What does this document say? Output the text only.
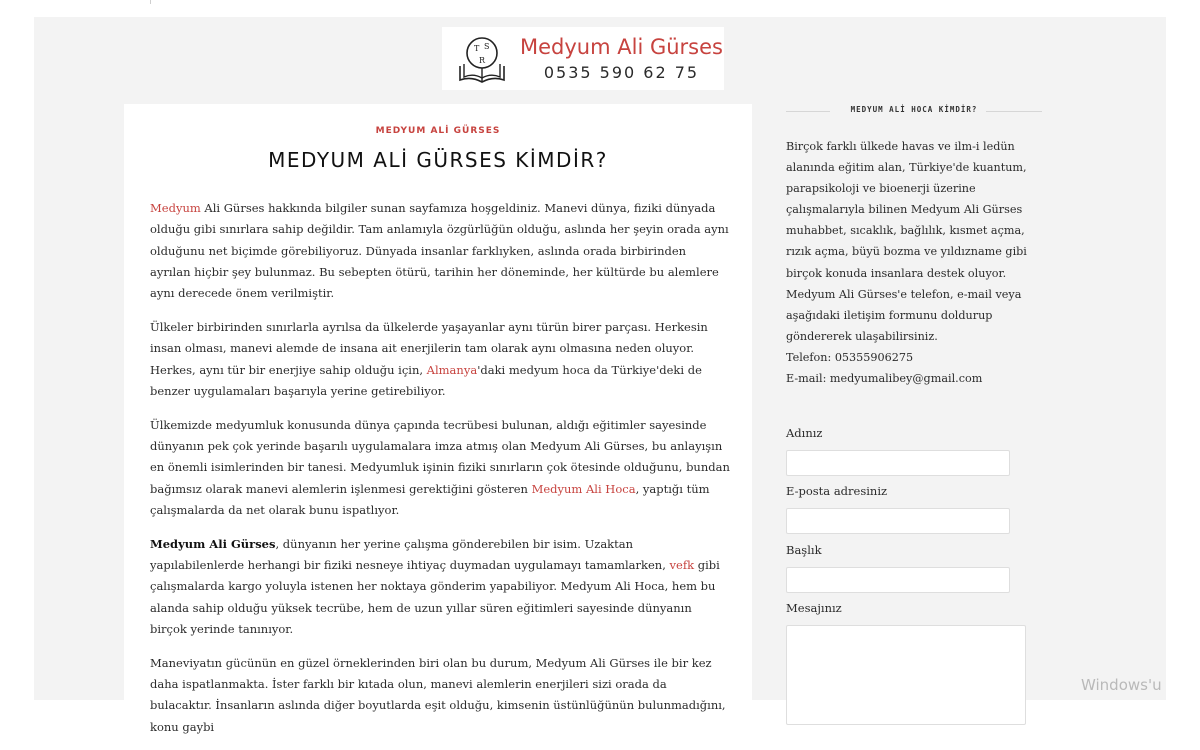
T S
R
Medyum Ali Gürses
0535 590 62 75
MEDYUM ALİ GÜRSES
MEDYUM ALİ GÜRSES KİMDİR?

Medyum Ali Gürses hakkında bilgiler sunan sayfamıza hoşgeldiniz. Manevi dünya, fiziki dünyada olduğu gibi sınırlara sahip değildir. Tam anlamıyla özgürlüğün olduğu, aslında her şeyin orada aynı olduğunu net biçimde görebiliyoruz. Dünyada insanlar farklıyken, aslında orada birbirinden ayrılan hiçbir şey bulunmaz. Bu sebepten ötürü, tarihin her döneminde, her kültürde bu alemlere aynı derecede önem verilmiştir.

Ülkeler birbirinden sınırlarla ayrılsa da ülkelerde yaşayanlar aynı türün birer parçası. Herkesin insan olması, manevi alemde de insana ait enerjilerin tam olarak aynı olmasına neden oluyor. Herkes, aynı tür bir enerjiye sahip olduğu için, Almanya'daki medyum hoca da Türkiye'deki de benzer uygulamaları başarıyla yerine getirebiliyor.

Ülkemizde medyumluk konusunda dünya çapında tecrübesi bulunan, aldığı eğitimler sayesinde dünyanın pek çok yerinde başarılı uygulamalara imza atmış olan Medyum Ali Gürses, bu anlayışın en önemli isimlerinden bir tanesi. Medyumluk işinin fiziki sınırların çok ötesinde olduğunu, bundan bağımsız olarak manevi alemlerin işlenmesi gerektiğini gösteren Medyum Ali Hoca, yaptığı tüm çalışmalarda da net olarak bunu ispatlıyor.

Medyum Ali Gürses, dünyanın her yerine çalışma gönderebilen bir isim. Uzaktan yapılabilenlerde herhangi bir fiziki nesneye ihtiyaç duymadan uygulamayı tamamlarken, vefk gibi çalışmalarda kargo yoluyla istenen her noktaya gönderim yapabiliyor. Medyum Ali Hoca, hem bu alanda sahip olduğu yüksek tecrübe, hem de uzun yıllar süren eğitimleri sayesinde dünyanın birçok yerinde tanınıyor.

Maneviyatın gücünün en güzel örneklerinden biri olan bu durum, Medyum Ali Gürses ile bir kez daha ispatlanmakta. İster farklı bir kıtada olun, manevi alemlerin enerjileri sizi orada da bulacaktır. İnsanların aslında diğer boyutlarda eşit olduğu, kimsenin üstünlüğünün bulunmadığını, konu gaybi

MEDYUM ALİ HOCA KİMDİR?
Birçok farklı ülkede havas ve ilm-i ledün
alanında eğitim alan, Türkiye'de kuantum,
parapsikoloji ve bioenerji üzerine
çalışmalarıyla bilinen Medyum Ali Gürses
muhabbet, sıcaklık, bağlılık, kısmet açma,
rızık açma, büyü bozma ve yıldızname gibi
birçok konuda insanlara destek oluyor.
Medyum Ali Gürses'e telefon, e-mail veya
aşağıdaki iletişim formunu doldurup
göndererek ulaşabilirsiniz.
Telefon: 05355906275
E-mail: medyumalibey@gmail.com
Adınız
E-posta adresiniz
Başlık
Mesajınız
Windows'u
